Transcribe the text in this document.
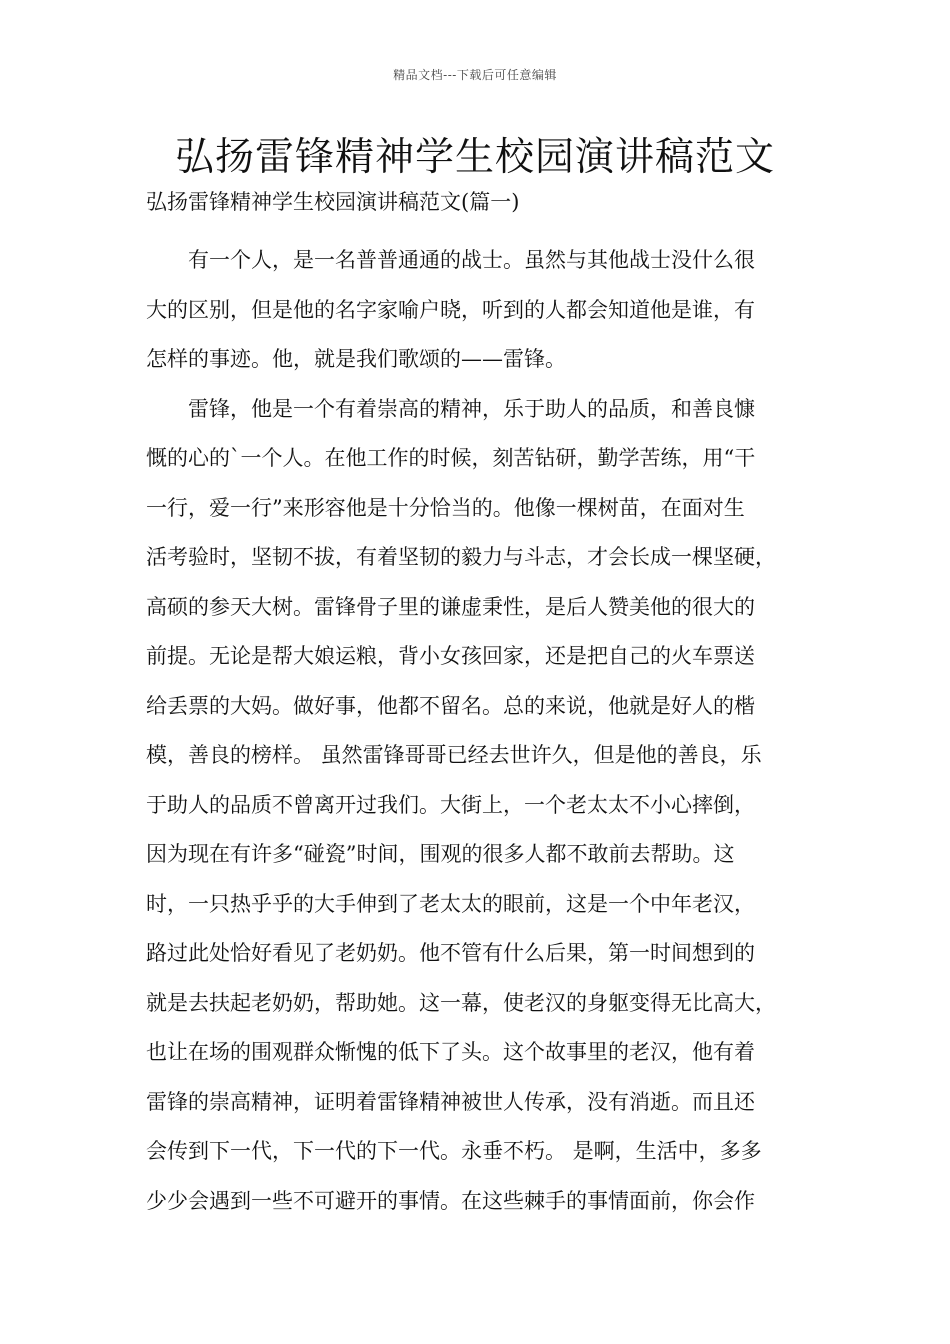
精品文档---下载后可任意编辑
弘扬雷锋精神学生校园演讲稿范文
弘扬雷锋精神学生校园演讲稿范文(篇一)
有一个人，是一名普普通通的战士。虽然与其他战士没什么很
大的区别，但是他的名字家喻户晓，听到的人都会知道他是谁，有
怎样的事迹。他，就是我们歌颂的——雷锋。
雷锋，他是一个有着崇高的精神，乐于助人的品质，和善良慷
慨的心的`一个人。在他工作的时候，刻苦钻研，勤学苦练，用“干
一行，爱一行”来形容他是十分恰当的。他像一棵树苗，在面对生
活考验时，坚韧不拔，有着坚韧的毅力与斗志，才会长成一棵坚硬，
高硕的参天大树。雷锋骨子里的谦虚秉性，是后人赞美他的很大的
前提。无论是帮大娘运粮，背小女孩回家，还是把自己的火车票送
给丢票的大妈。做好事，他都不留名。总的来说，他就是好人的楷
模，善良的榜样。 虽然雷锋哥哥已经去世许久，但是他的善良，乐
于助人的品质不曾离开过我们。大街上，一个老太太不小心摔倒，
因为现在有许多“碰瓷”时间，围观的很多人都不敢前去帮助。这
时，一只热乎乎的大手伸到了老太太的眼前，这是一个中年老汉，
路过此处恰好看见了老奶奶。他不管有什么后果，第一时间想到的
就是去扶起老奶奶，帮助她。这一幕，使老汉的身躯变得无比高大，
也让在场的围观群众惭愧的低下了头。这个故事里的老汉，他有着
雷锋的崇高精神，证明着雷锋精神被世人传承，没有消逝。而且还
会传到下一代，下一代的下一代。永垂不朽。 是啊，生活中，多多
少少会遇到一些不可避开的事情。在这些棘手的事情面前，你会作
